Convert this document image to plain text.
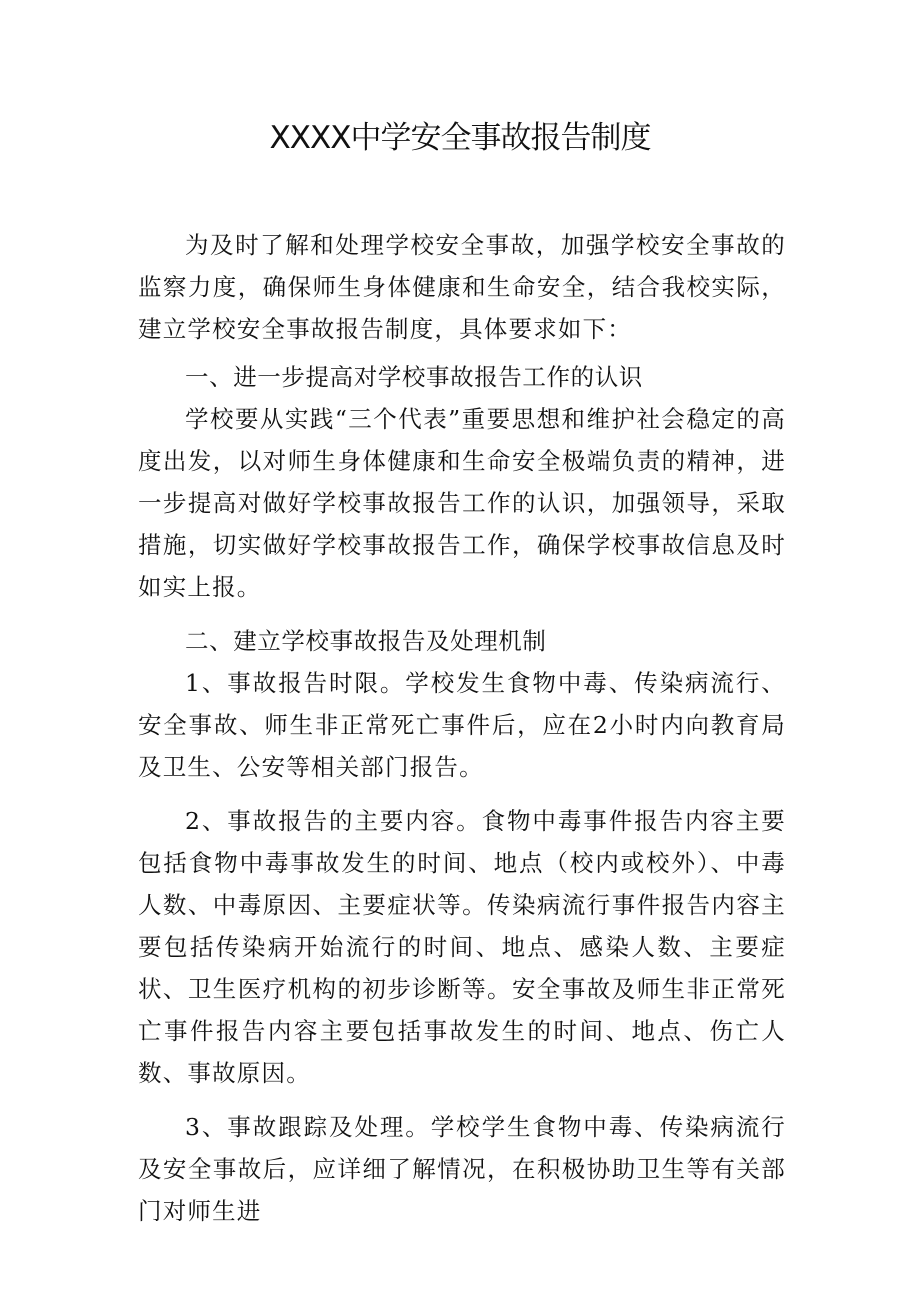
XXXX中学安全事故报告制度

为及时了解和处理学校安全事故，加强学校安全事故的监察力度，确保师生身体健康和生命安全，结合我校实际，建立学校安全事故报告制度，具体要求如下：

一、进一步提高对学校事故报告工作的认识

学校要从实践“三个代表”重要思想和维护社会稳定的高度出发，以对师生身体健康和生命安全极端负责的精神，进一步提高对做好学校事故报告工作的认识，加强领导，采取措施，切实做好学校事故报告工作，确保学校事故信息及时如实上报。

二、建立学校事故报告及处理机制

1、事故报告时限。学校发生食物中毒、传染病流行、安全事故、师生非正常死亡事件后，应在2小时内向教育局及卫生、公安等相关部门报告。

2、事故报告的主要内容。食物中毒事件报告内容主要包括食物中毒事故发生的时间、地点（校内或校外）、中毒人数、中毒原因、主要症状等。传染病流行事件报告内容主要包括传染病开始流行的时间、地点、感染人数、主要症状、卫生医疗机构的初步诊断等。安全事故及师生非正常死亡事件报告内容主要包括事故发生的时间、地点、伤亡人数、事故原因。

3、事故跟踪及处理。学校学生食物中毒、传染病流行及安全事故后，应详细了解情况，在积极协助卫生等有关部门对师生进
